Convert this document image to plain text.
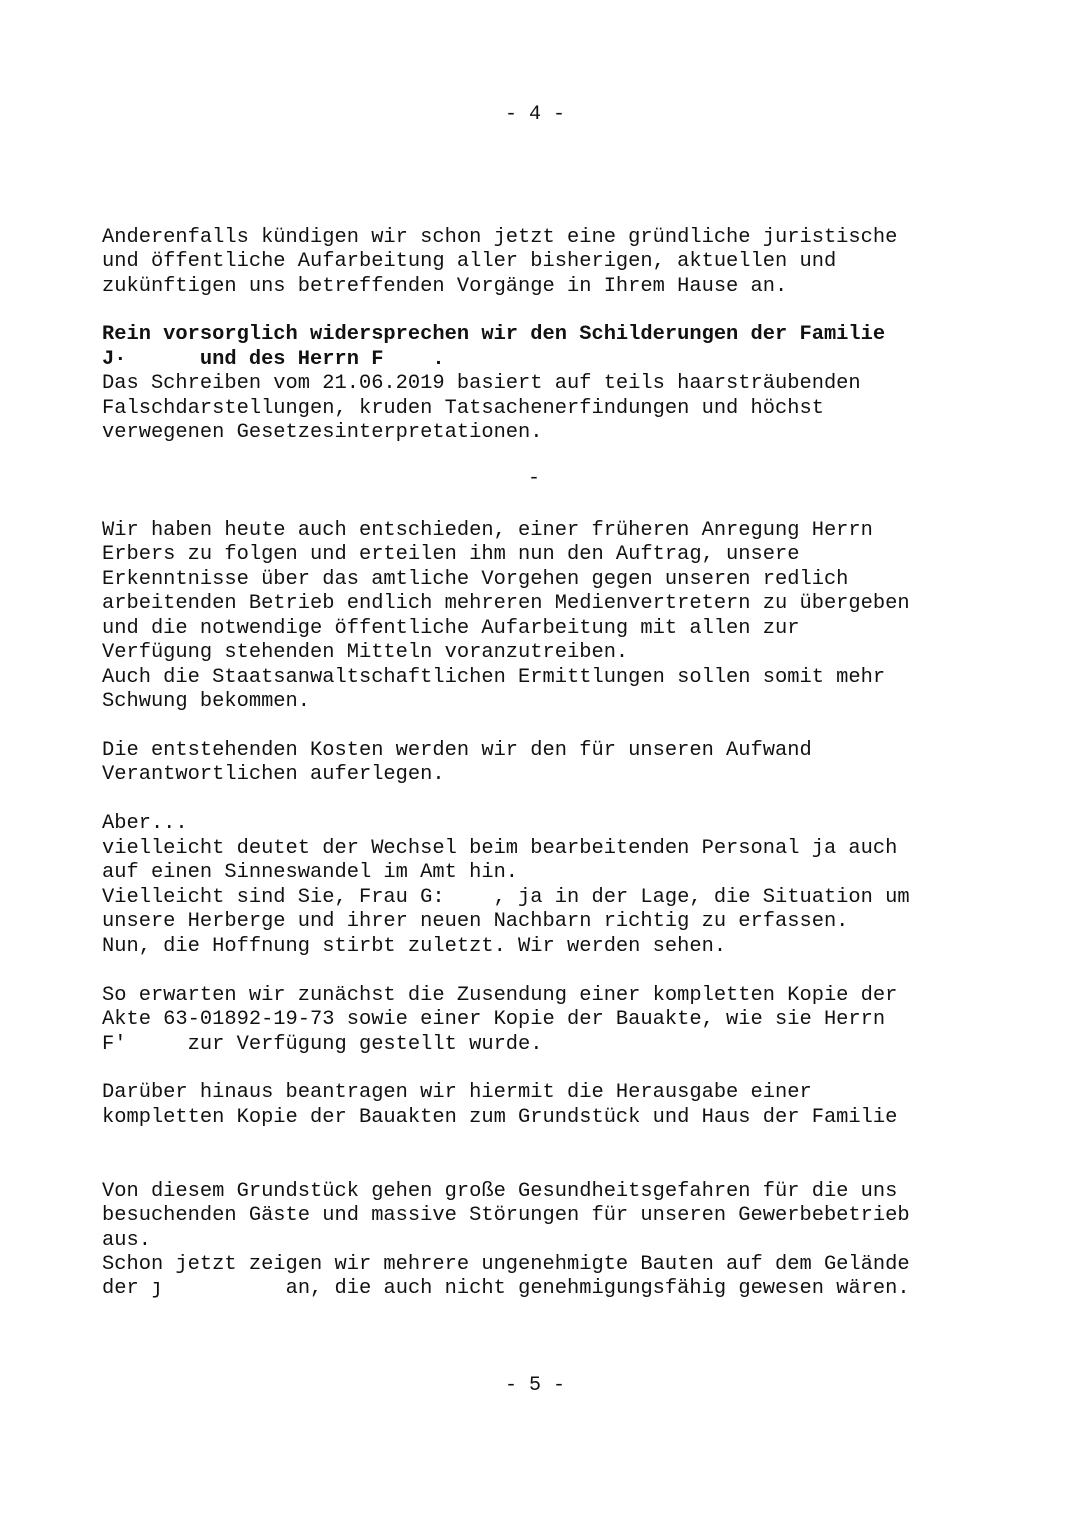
- 4 -
Anderenfalls kündigen wir schon jetzt eine gründliche juristische
und öffentliche Aufarbeitung aller bisherigen, aktuellen und
zukünftigen uns betreffenden Vorgänge in Ihrem Hause an.
Rein vorsorglich widersprechen wir den Schilderungen der Familie
J·      und des Herrn F    .
Das Schreiben vom 21.06.2019 basiert auf teils haarsträubenden
Falschdarstellungen, kruden Tatsachenerfindungen und höchst
verwegenen Gesetzesinterpretationen.
-
Wir haben heute auch entschieden, einer früheren Anregung Herrn
Erbers zu folgen und erteilen ihm nun den Auftrag, unsere
Erkenntnisse über das amtliche Vorgehen gegen unseren redlich
arbeitenden Betrieb endlich mehreren Medienvertretern zu übergeben
und die notwendige öffentliche Aufarbeitung mit allen zur
Verfügung stehenden Mitteln voranzutreiben.
Auch die Staatsanwaltschaftlichen Ermittlungen sollen somit mehr
Schwung bekommen.
Die entstehenden Kosten werden wir den für unseren Aufwand
Verantwortlichen auferlegen.
Aber...
vielleicht deutet der Wechsel beim bearbeitenden Personal ja auch
auf einen Sinneswandel im Amt hin.
Vielleicht sind Sie, Frau G:    , ja in der Lage, die Situation um
unsere Herberge und ihrer neuen Nachbarn richtig zu erfassen.
Nun, die Hoffnung stirbt zuletzt. Wir werden sehen.
So erwarten wir zunächst die Zusendung einer kompletten Kopie der
Akte 63-01892-19-73 sowie einer Kopie der Bauakte, wie sie Herrn
F'     zur Verfügung gestellt wurde.
Darüber hinaus beantragen wir hiermit die Herausgabe einer
kompletten Kopie der Bauakten zum Grundstück und Haus der Familie
Von diesem Grundstück gehen große Gesundheitsgefahren für die uns
besuchenden Gäste und massive Störungen für unseren Gewerbebetrieb
aus.
Schon jetzt zeigen wir mehrere ungenehmigte Bauten auf dem Gelände
der ȷ          an, die auch nicht genehmigungsfähig gewesen wären.
- 5 -
